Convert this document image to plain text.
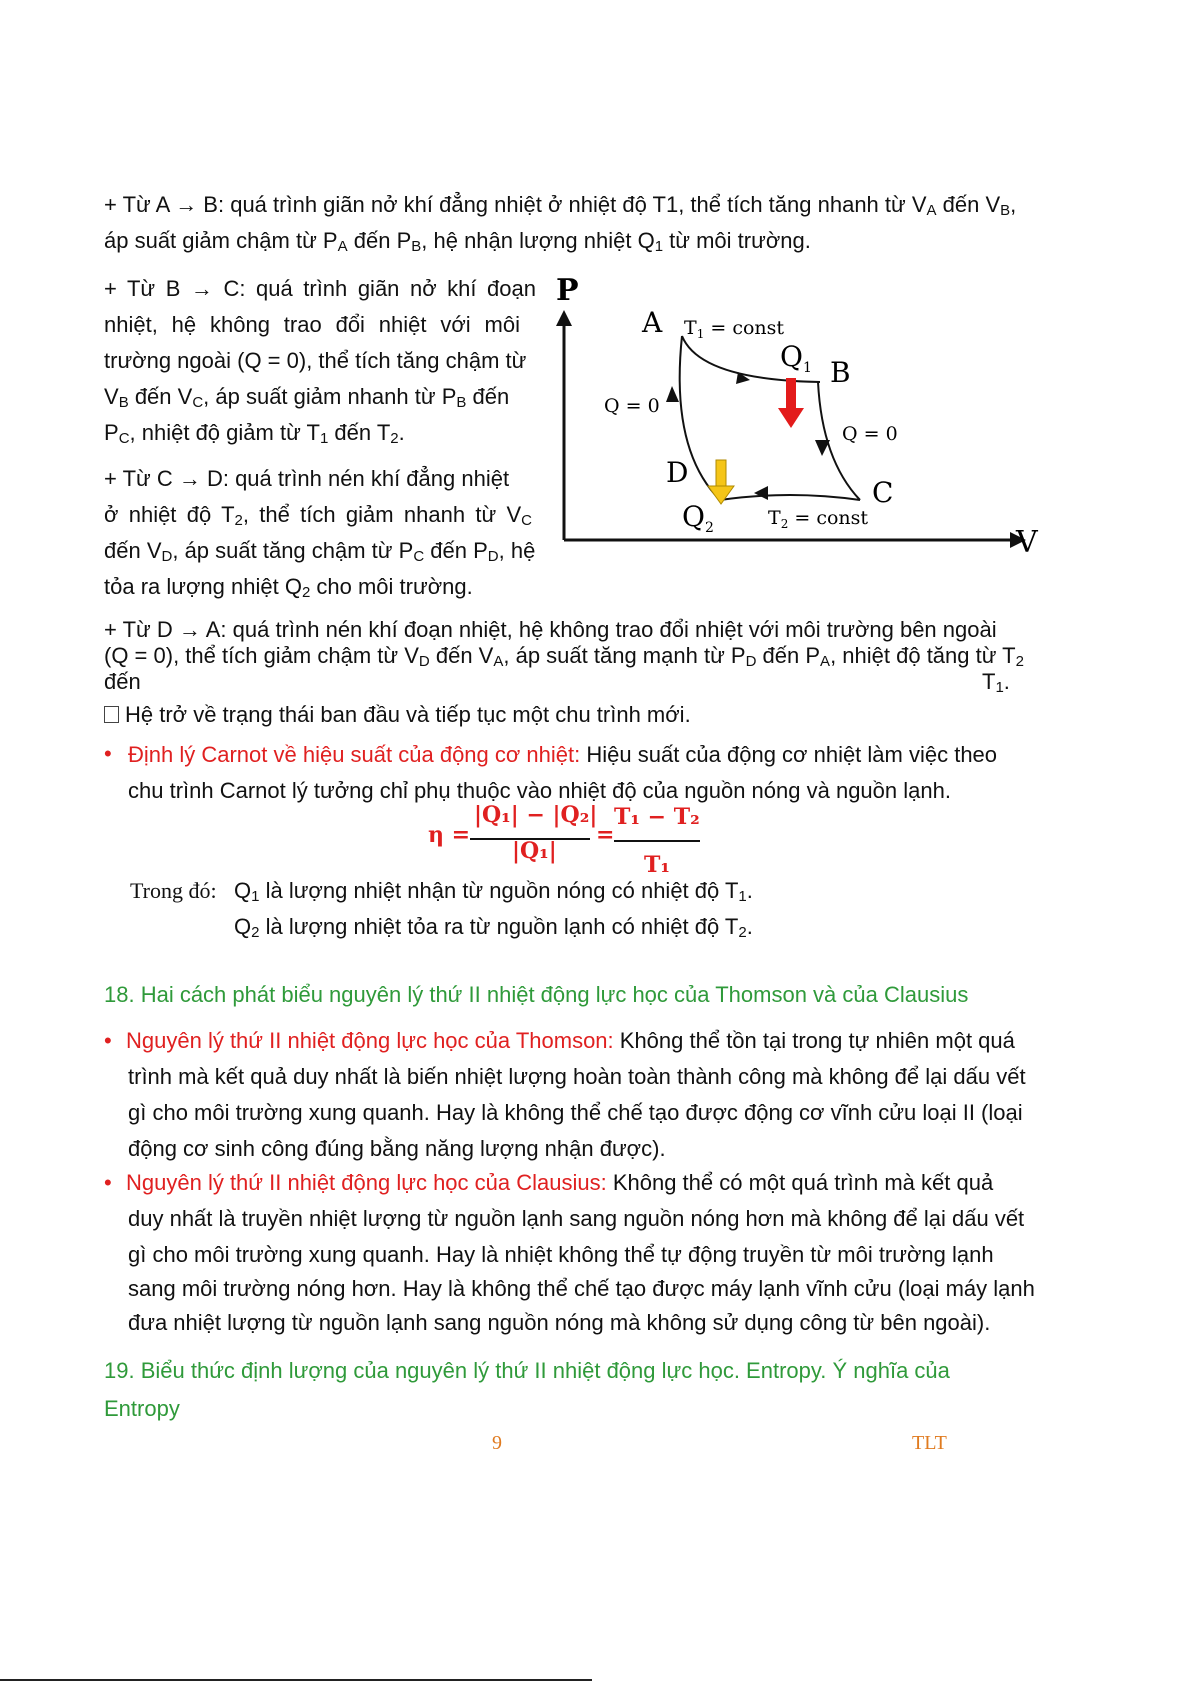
+ Từ A → B: quá trình giãn nở khí đẳng nhiệt ở nhiệt độ T1, thể tích tăng nhanh từ $V_A$ đến $V_B$,

áp suất giảm chậm từ $P_A$ đến $P_B$, hệ nhận lượng nhiệt $Q_1$ từ môi trường.

+ Từ B → C: quá trình giãn nở khí đoạn

nhiệt, hệ không trao đổi nhiệt với môi

trường ngoài (Q = 0), thể tích tăng chậm từ

$V_B$ đến $V_C$, áp suất giảm nhanh từ $P_B$ đến

$P_C$, nhiệt độ giảm từ $T_1$ đến $T_2$.

+ Từ C → D: quá trình nén khí đẳng nhiệt

ở nhiệt độ $T_2$, thể tích giảm nhanh từ $V_C$

đến $V_D$, áp suất tăng chậm từ $P_C$ đến $P_D$, hệ

tỏa ra lượng nhiệt $Q_2$ cho môi trường.

P
V
A $T_1$ = const
$Q_1$ B
Q = 0
Q = 0
D
C
$Q_2$	$T_2$ = const

+ Từ D → A: quá trình nén khí đoạn nhiệt, hệ không trao đổi nhiệt với môi trường bên ngoài

(Q = 0), thể tích giảm chậm từ $V_D$ đến $V_A$, áp suất tăng mạnh từ $P_D$ đến $P_A$, nhiệt độ tăng từ $T_2$

đến	$T_1$.

Hệ trở về trạng thái ban đầu và tiếp tục một chu trình mới.

• Định lý Carnot về hiệu suất của động cơ nhiệt: Hiệu suất của động cơ nhiệt làm việc theo

chu trình Carnot lý tưởng chỉ phụ thuộc vào nhiệt độ của nguồn nóng và nguồn lạnh.

η =
|Q₁| − |Q₂|
|Q₁|
=
T₁ − T₂
T₁

Trong đó: $Q_1$ là lượng nhiệt nhận từ nguồn nóng có nhiệt độ $T_1$.

$Q_2$ là lượng nhiệt tỏa ra từ nguồn lạnh có nhiệt độ $T_2$.

18. Hai cách phát biểu nguyên lý thứ II nhiệt động lực học của Thomson và của Clausius

• Nguyên lý thứ II nhiệt động lực học của Thomson: Không thể tồn tại trong tự nhiên một quá

trình mà kết quả duy nhất là biến nhiệt lượng hoàn toàn thành công mà không để lại dấu vết

gì cho môi trường xung quanh. Hay là không thể chế tạo được động cơ vĩnh cửu loại II (loại

động cơ sinh công đúng bằng năng lượng nhận được).

• Nguyên lý thứ II nhiệt động lực học của Clausius: Không thể có một quá trình mà kết quả

duy nhất là truyền nhiệt lượng từ nguồn lạnh sang nguồn nóng hơn mà không để lại dấu vết

gì cho môi trường xung quanh. Hay là nhiệt không thể tự động truyền từ môi trường lạnh

sang môi trường nóng hơn. Hay là không thể chế tạo được máy lạnh vĩnh cửu (loại máy lạnh

đưa nhiệt lượng từ nguồn lạnh sang nguồn nóng mà không sử dụng công từ bên ngoài).

19. Biểu thức định lượng của nguyên lý thứ II nhiệt động lực học. Entropy. Ý nghĩa của

Entropy

9	TLT
